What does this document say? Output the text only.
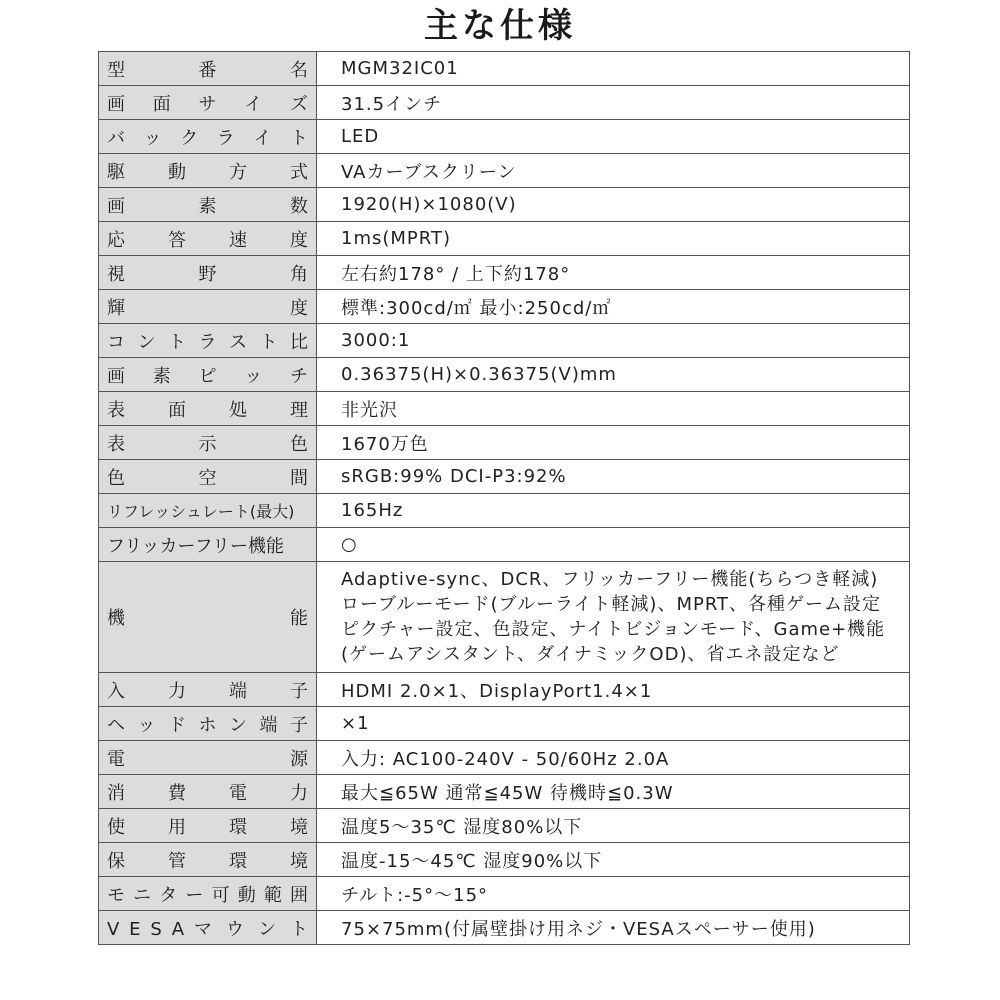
主な仕様
型 番 名	MGM32IC01
画 面 サ イ ズ	31.5インチ
バ ッ ク ラ イ ト	LED
駆 動 方 式	VAカーブスクリーン
画 素 数	1920(H)×1080(V)
応 答 速 度	1ms(MPRT)
視 野 角	左右約178° / 上下約178°
輝 度	標準:300cd/㎡ 最小:250cd/㎡
コ ン ト ラ ス ト 比	3000:1
画 素 ピ ッ チ	0.36375(H)×0.36375(V)mm
表 面 処 理	非光沢
表 示 色	1670万色
色 空 間	sRGB:99% DCI-P3:92%
リフレッシュレート(最大)	165Hz
フリッカーフリー機能	○
機 能	Adaptive-sync、DCR、フリッカーフリー機能(ちらつき軽減)
ローブルーモード(ブルーライト軽減)、MPRT、各種ゲーム設定
ピクチャー設定、色設定、ナイトビジョンモード、Game+機能
(ゲームアシスタント、ダイナミックOD)、省エネ設定など

入 力 端 子	HDMI 2.0×1、DisplayPort1.4×1
ヘ ッ ド ホ ン 端 子	×1
電 源	入力: AC100-240V - 50/60Hz 2.0A
消 費 電 力	最大≦65W 通常≦45W 待機時≦0.3W
使 用 環 境	温度5〜35℃ 湿度80%以下
保 管 環 境	温度-15〜45℃ 湿度90%以下
モ ニ タ ー 可 動 範 囲	チルト:-5°〜15°
V E S A マ ウ ン ト	75×75mm(付属壁掛け用ネジ・VESAスペーサー使用)
